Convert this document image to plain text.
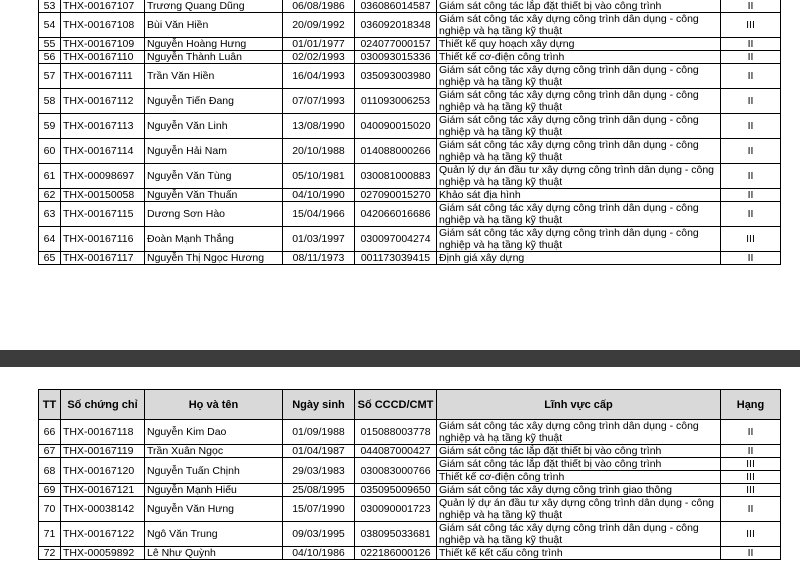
53	THX-00167107	Trương Quang Dũng	06/08/1986	036086014587	Giám sát công tác lắp đặt thiết bị vào công trình	II
54	THX-00167108	Bùi Văn Hiền	20/09/1992	036092018348	Giám sát công tác xây dựng công trình dân dụng - công nghiệp và hạ tầng kỹ thuật	III
55	THX-00167109	Nguyễn Hoàng Hưng	01/01/1977	024077000157	Thiết kế quy hoạch xây dựng	II
56	THX-00167110	Nguyễn Thành Luân	02/02/1993	030093015336	Thiết kế cơ-điện công trình	II
57	THX-00167111	Trần Văn Hiền	16/04/1993	035093003980	Giám sát công tác xây dựng công trình dân dụng - công nghiệp và hạ tầng kỹ thuật	II
58	THX-00167112	Nguyễn Tiến Đang	07/07/1993	011093006253	Giám sát công tác xây dựng công trình dân dụng - công nghiệp và hạ tầng kỹ thuật	II
59	THX-00167113	Nguyễn Văn Linh	13/08/1990	040090015020	Giám sát công tác xây dựng công trình dân dụng - công nghiệp và hạ tầng kỹ thuật	II
60	THX-00167114	Nguyễn Hải Nam	20/10/1988	014088000266	Giám sát công tác xây dựng công trình dân dụng - công nghiệp và hạ tầng kỹ thuật	II
61	THX-00098697	Nguyễn Văn Tùng	05/10/1981	030081000883	Quản lý dự án đầu tư xây dựng công trình dân dụng - công nghiệp và hạ tầng kỹ thuật	II
62	THX-00150058	Nguyễn Văn Thuấn	04/10/1990	027090015270	Khảo sát địa hình	II
63	THX-00167115	Dương Sơn Hào	15/04/1966	042066016686	Giám sát công tác xây dựng công trình dân dụng - công nghiệp và hạ tầng kỹ thuật	II
64	THX-00167116	Đoàn Mạnh Thắng	01/03/1997	030097004274	Giám sát công tác xây dựng công trình dân dụng - công nghiệp và hạ tầng kỹ thuật	III
65	THX-00167117	Nguyễn Thị Ngọc Hương	08/11/1973	001173039415	Định giá xây dựng	II
TT	Số chứng chỉ	Họ và tên	Ngày sinh	Số CCCD/CMT	Lĩnh vực cấp	Hạng
66	THX-00167118	Nguyễn Kim Dao	01/09/1988	015088003778	Giám sát công tác xây dựng công trình dân dụng - công nghiệp và hạ tầng kỹ thuật	II
67	THX-00167119	Trần Xuân Ngọc	01/04/1987	044087000427	Giám sát công tác lắp đặt thiết bị vào công trình	II
68	THX-00167120	Nguyễn Tuấn Chịnh	29/03/1983	030083000766	Giám sát công tác lắp đặt thiết bị vào công trình	III
					Thiết kế cơ-điện công trình	III
69	THX-00167121	Nguyễn Mạnh Hiếu	25/08/1995	035095009650	Giám sát công tác xây dựng công trình giao thông	III
70	THX-00038142	Nguyễn Văn Hưng	15/07/1990	030090001723	Quản lý dự án đầu tư xây dựng công trình dân dụng - công nghiệp và hạ tầng kỹ thuật	II
71	THX-00167122	Ngô Văn Trung	09/03/1995	038095033681	Giám sát công tác xây dựng công trình dân dụng - công nghiệp và hạ tầng kỹ thuật	III
72	THX-00059892	Lê Như Quỳnh	04/10/1986	022186000126	Thiết kế kết cấu công trình	II
